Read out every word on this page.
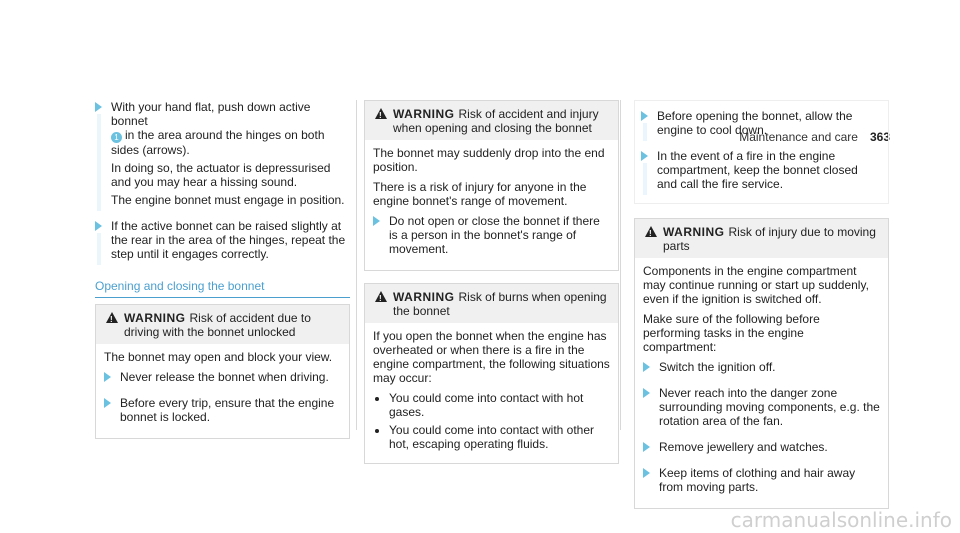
Maintenance and care 363

With your hand flat, push down active bonnet
1 in the area around the hinges on both sides (arrows).

In doing so, the actuator is depressurised and you may hear a hissing sound.

The engine bonnet must engage in position.

If the active bonnet can be raised slightly at the rear in the area of the hinges, repeat the step until it engages correctly.

Opening and closing the bonnet
!
WARNING Risk of accident due to driving with the bonnet unlocked

The bonnet may open and block your view.

Never release the bonnet when driving.

Before every trip, ensure that the engine bonnet is locked.

!
WARNING Risk of accident and injury when opening and closing the bonnet

The bonnet may suddenly drop into the end position.

There is a risk of injury for anyone in the engine bonnet's range of movement.

Do not open or close the bonnet if there is a person in the bonnet's range of movement.

!
WARNING Risk of burns when opening the bonnet

If you open the bonnet when the engine has overheated or when there is a fire in the engine compartment, the following situations may occur:

• You could come into contact with hot gases.
• You could come into contact with other hot, escaping operating fluids.

Before opening the bonnet, allow the engine to cool down.

In the event of a fire in the engine compartment, keep the bonnet closed and call the fire service.

!
WARNING Risk of injury due to moving parts

Components in the engine compartment may continue running or start up suddenly, even if the ignition is switched off.

Make sure of the following before performing tasks in the engine compartment:

Switch the ignition off.

Never reach into the danger zone surrounding moving components, e.g. the rotation area of the fan.

Remove jewellery and watches.

Keep items of clothing and hair away from moving parts.

carmanualsonline.info
